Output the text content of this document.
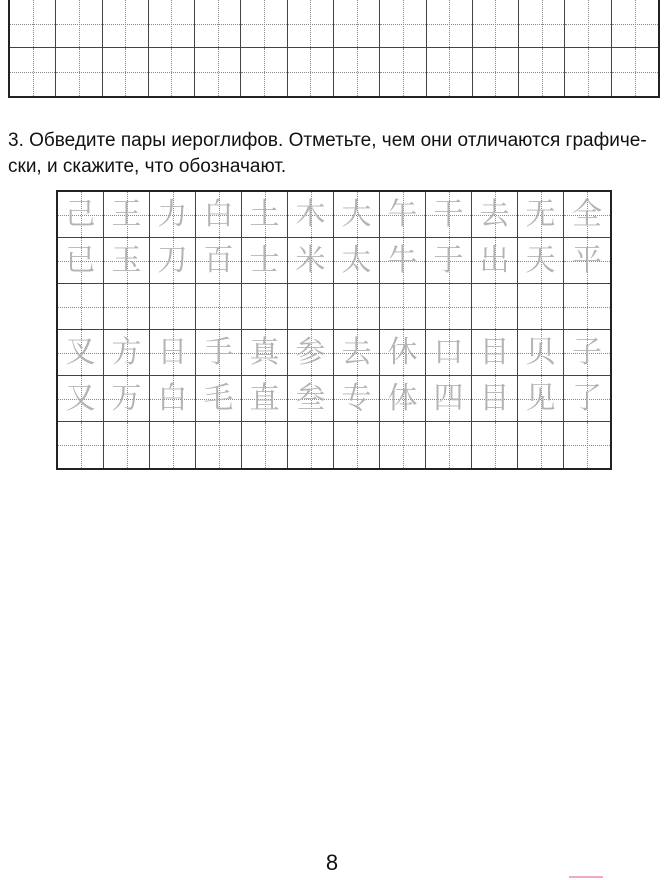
3. Обведите пары иероглифов. Отметьте, чем они отличаются графиче-
ски, и скажите, что обозначают.

己 王 力 白 土 木 大 午 干 去 无 全
已 玉 刀 百 士 米 太 牛 于 出 天 平
叉 方 日 手 真 参 去 休 口 目 贝 子
又 万 白 毛 直 叁 专 体 四 目 见 了
8
